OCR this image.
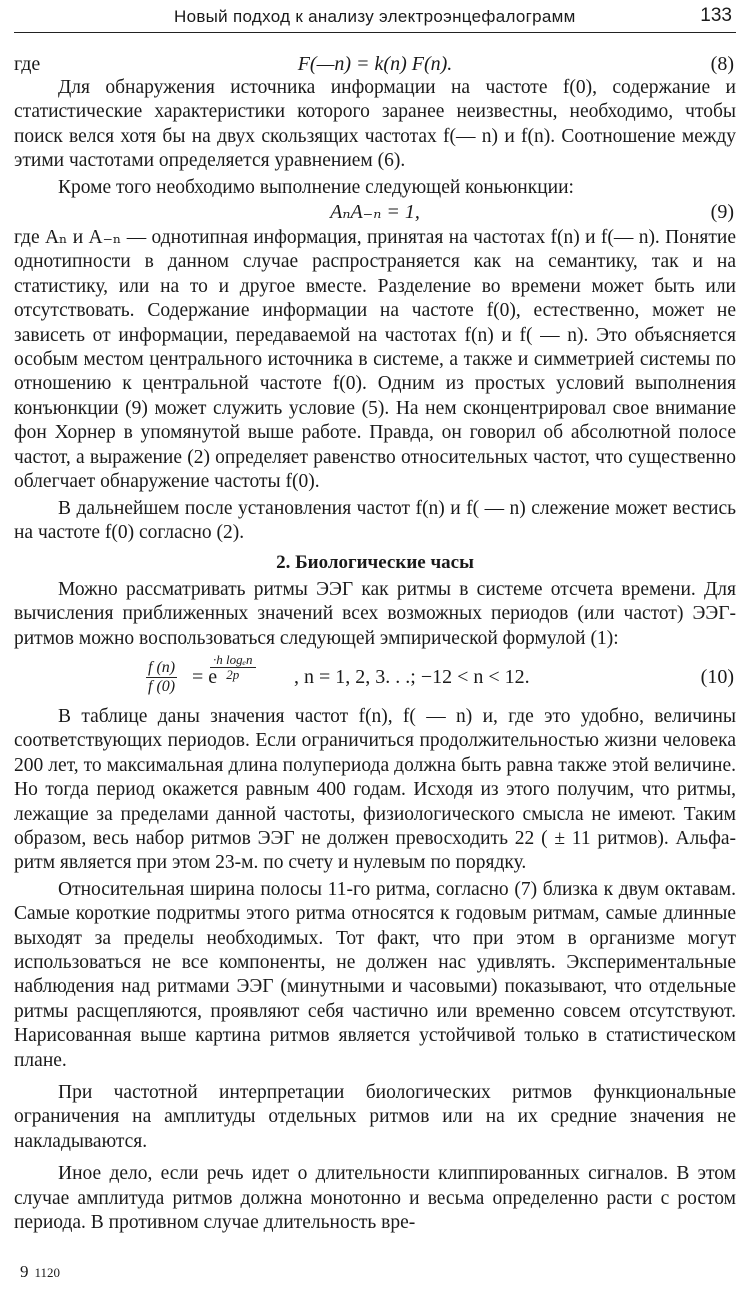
Новый подход к анализу электроэнцефалограмм	133
где	F(—n) = k(n) F(n).	(8)

Для обнаружения источника информации на частоте f(0), содержание и статистические характеристики которого заранее неизвестны, необходимо, чтобы поиск велся хотя бы на двух скользящих частотах f(— n) и f(n). Соотношение между этими частотами определяется уравнением (6).

Кроме того необходимо выполнение следующей коньюнкции:

AₙA₋ₙ = 1,	(9)

где Aₙ и A₋ₙ — однотипная информация, принятая на частотах f(n) и f(— n). Понятие однотипности в данном случае распространяется как на семантику, так и на статистику, или на то и другое вместе. Разделение во времени может быть или отсутствовать. Содержание информации на частоте f(0), естественно, может не зависеть от информации, передаваемой на частотах f(n) и f( — n). Это объясняется особым местом центрального источника в системе, а также и симметрией системы по отношению к центральной частоте f(0). Одним из простых условий выполнения конъюнкции (9) может служить условие (5). На нем сконцентрировал свое внимание фон Хорнер в упомянутой выше работе. Правда, он говорил об абсолютной полосе частот, а выражение (2) определяет равенство относительных частот, что существенно облегчает обнаружение частоты f(0).

В дальнейшем после установления частот f(n) и f( — n) слежение может вестись на частоте f(0) согласно (2).

2. Биологические часы

Можно рассматривать ритмы ЭЭГ как ритмы в системе отсчета времени. Для вычисления приближенных значений всех возможных периодов (или частот) ЭЭГ-ритмов можно воспользоваться следующей эмпирической формулой (1):

$\frac{f (n)}{f (0)} = e$
$\frac{\text{·h logₑn}}{2p}$ , n = 1, 2, 3. . .; −12 < n < 12.	(10)

В таблице даны значения частот f(n), f( — n) и, где это удобно, величины соответствующих периодов. Если ограничиться продолжительностью жизни человека 200 лет, то максимальная длина полупериода должна быть равна также этой величине. Но тогда период окажется равным 400 годам. Исходя из этого получим, что ритмы, лежащие за пределами данной частоты, физиологического смысла не имеют. Таким образом, весь набор ритмов ЭЭГ не должен превосходить 22 ( ± 11 ритмов). Альфа-ритм является при этом 23-м. по счету и нулевым по порядку.

Относительная ширина полосы 11-го ритма, согласно (7) близка к двум октавам. Самые короткие подритмы этого ритма относятся к годовым ритмам, самые длинные выходят за пределы необходимых. Тот факт, что при этом в организме могут использоваться не все компоненты, не должен нас удивлять. Экспериментальные наблюдения над ритмами ЭЭГ (минутными и часовыми) показывают, что отдельные ритмы расщепляются, проявляют себя частично или временно совсем отсутствуют. Нарисованная выше картина ритмов является устойчивой только в статистическом плане.

При частотной интерпретации биологических ритмов функциональные ограничения на амплитуды отдельных ритмов или на их средние значения не накладываются.

Иное дело, если речь идет о длительности клиппированных сигналов. В этом случае амплитуда ритмов должна монотонно и весьма определенно расти с ростом периода. В противном случае длительность вре-

9 1120
